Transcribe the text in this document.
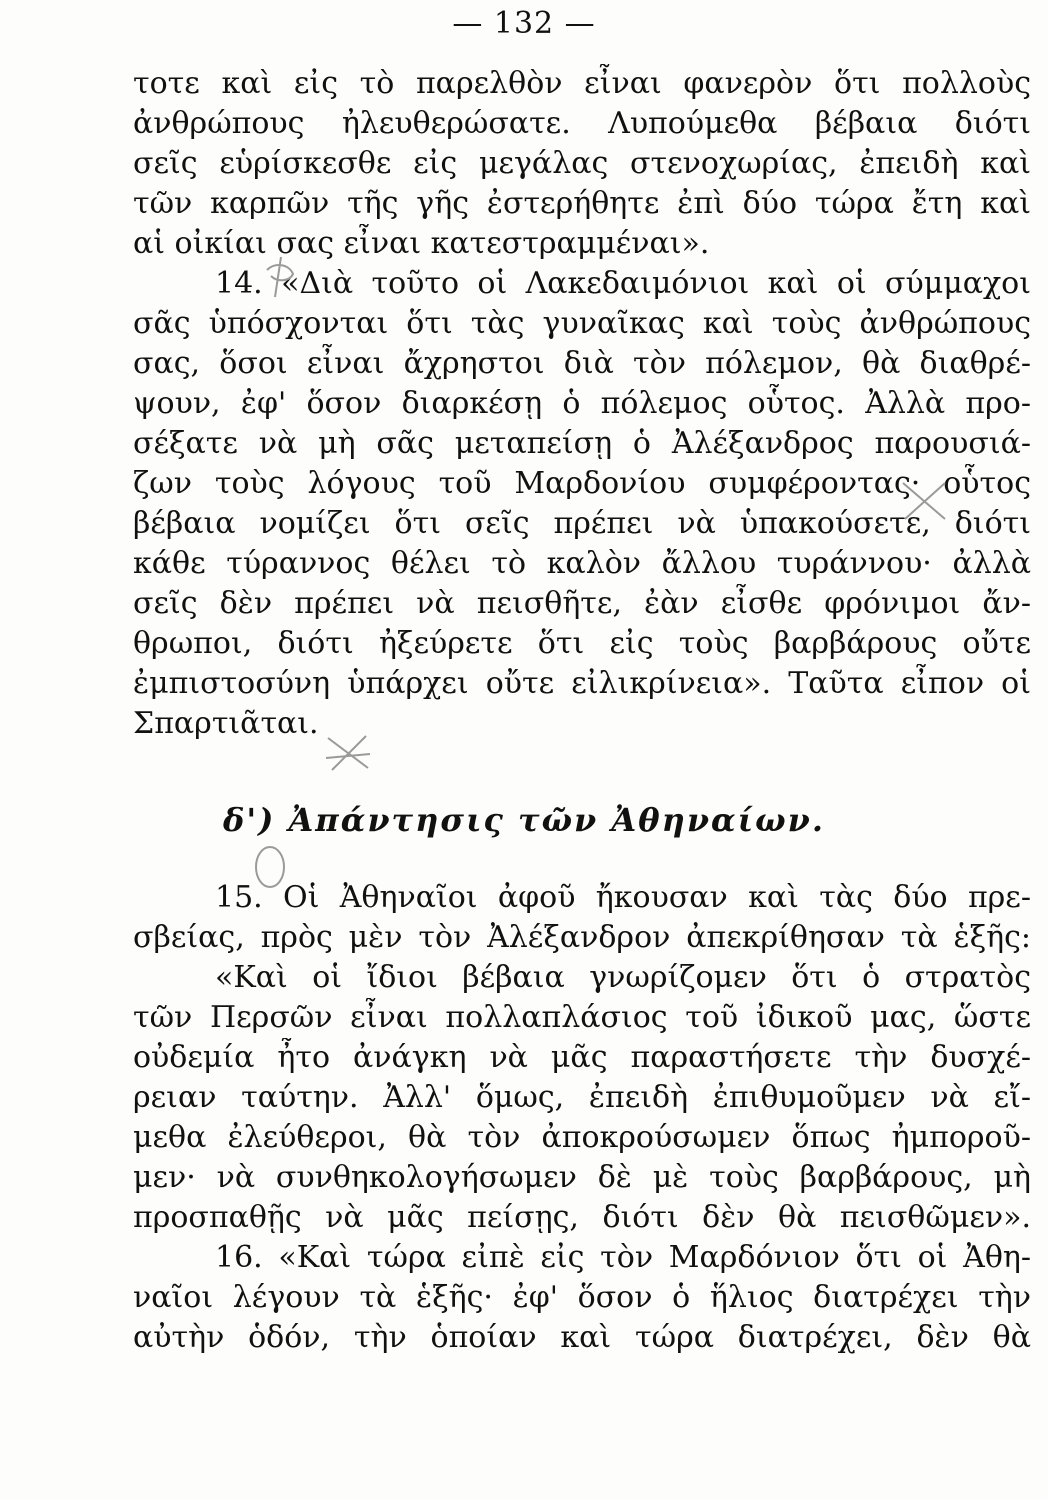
— 132 —
τοτε καὶ εἰς τὸ παρελθὸν εἶναι φανερὸν ὅτι πολλοὺς
ἀνθρώπους ἠλευθερώσατε. Λυπούμεθα βέβαια διότι
σεῖς εὑρίσκεσθε εἰς μεγάλας στενοχωρίας, ἐπειδὴ καὶ
τῶν καρπῶν τῆς γῆς ἐστερήθητε ἐπὶ δύο τώρα ἔτη καὶ
αἱ οἰκίαι σας εἶναι κατεστραμμέναι».
14. «Διὰ τοῦτο οἱ Λακεδαιμόνιοι καὶ οἱ σύμμαχοι
σᾶς ὑπόσχονται ὅτι τὰς γυναῖκας καὶ τοὺς ἀνθρώπους
σας, ὅσοι εἶναι ἄχρηστοι διὰ τὸν πόλεμον, θὰ διαθρέ-
ψουν, ἐφ' ὅσον διαρκέσῃ ὁ πόλεμος οὗτος. Ἀλλὰ προ-
σέξατε νὰ μὴ σᾶς μεταπείσῃ ὁ Ἀλέξανδρος παρουσιά-
ζων τοὺς λόγους τοῦ Μαρδονίου συμφέροντας· οὗτος
βέβαια νομίζει ὅτι σεῖς πρέπει νὰ ὑπακούσετε, διότι
κάθε τύραννος θέλει τὸ καλὸν ἄλλου τυράννου· ἀλλὰ
σεῖς δὲν πρέπει νὰ πεισθῆτε, ἐὰν εἶσθε φρόνιμοι ἄν-
θρωποι, διότι ἠξεύρετε ὅτι εἰς τοὺς βαρβάρους οὔτε
ἐμπιστοσύνη ὑπάρχει οὔτε εἰλικρίνεια». Ταῦτα εἶπον οἱ
Σπαρτιᾶται.
δ') Ἀπάντησις τῶν Ἀθηναίων.
15. Οἱ Ἀθηναῖοι ἀφοῦ ἤκουσαν καὶ τὰς δύο πρε-
σβείας, πρὸς μὲν τὸν Ἀλέξανδρον ἀπεκρίθησαν τὰ ἑξῆς:
«Καὶ οἱ ἴδιοι βέβαια γνωρίζομεν ὅτι ὁ στρατὸς
τῶν Περσῶν εἶναι πολλαπλάσιος τοῦ ἰδικοῦ μας, ὥστε
οὐδεμία ἦτο ἀνάγκη νὰ μᾶς παραστήσετε τὴν δυσχέ-
ρειαν ταύτην. Ἀλλ' ὅμως, ἐπειδὴ ἐπιθυμοῦμεν νὰ εἴ-
μεθα ἐλεύθεροι, θὰ τὸν ἀποκρούσωμεν ὅπως ἠμποροῦ-
μεν· νὰ συνθηκολογήσωμεν δὲ μὲ τοὺς βαρβάρους, μὴ
προσπαθῇς νὰ μᾶς πείσῃς, διότι δὲν θὰ πεισθῶμεν».
16. «Καὶ τώρα εἰπὲ εἰς τὸν Μαρδόνιον ὅτι οἱ Ἀθη-
ναῖοι λέγουν τὰ ἑξῆς· ἐφ' ὅσον ὁ ἥλιος διατρέχει τὴν
αὐτὴν ὁδόν, τὴν ὁποίαν καὶ τώρα διατρέχει, δὲν θὰ
